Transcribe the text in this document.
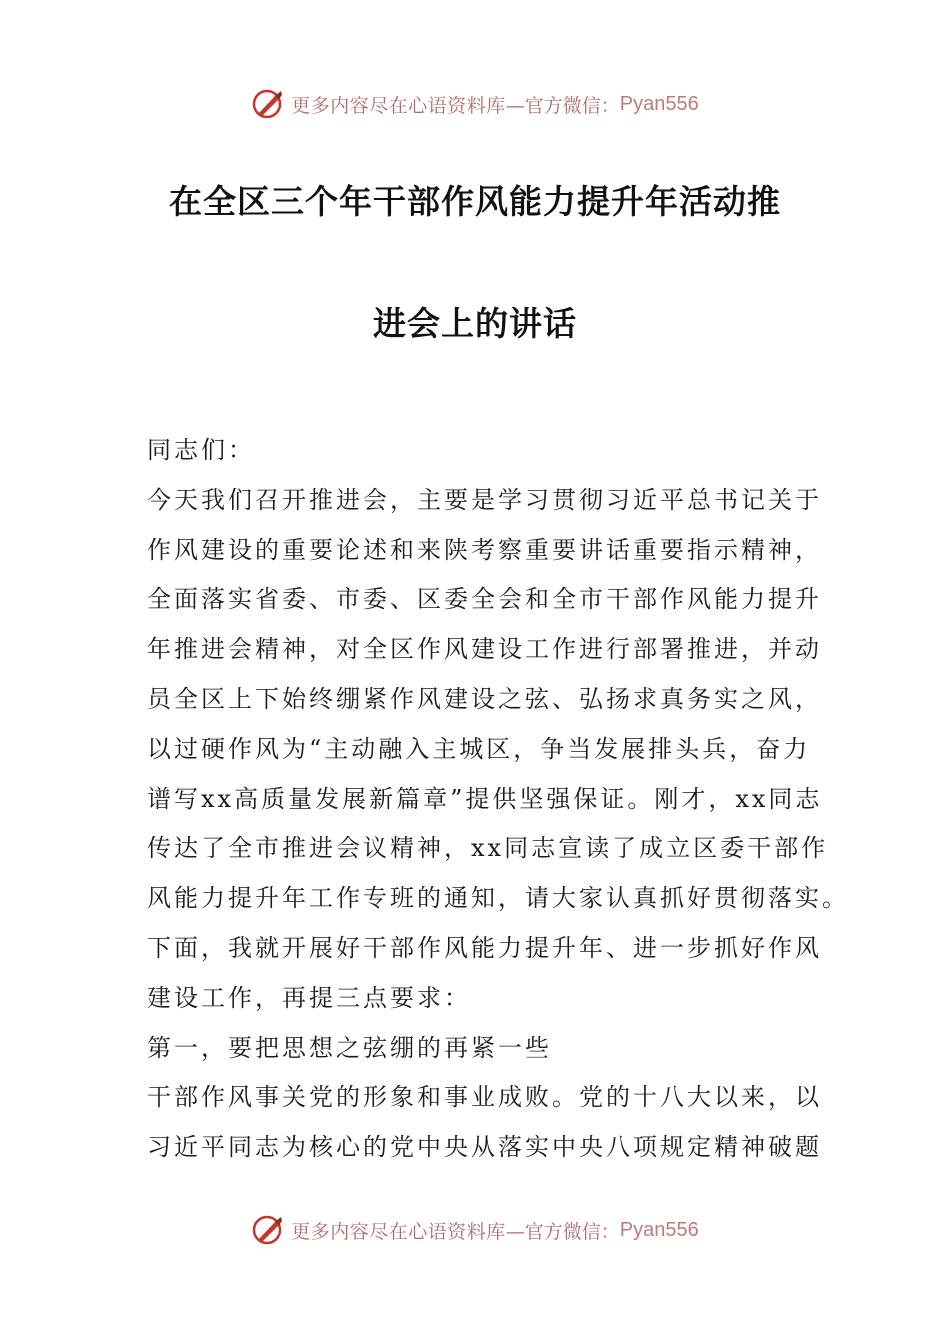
更多内容尽在心语资料库 —官方微信： Pyan556
在全区三个年干部作风能力提升年活动推
进会上的讲话
同志们：
今天我们召开推进会，主要是学习贯彻习近平总书记关于
作风建设的重要论述和来陕考察重要讲话重要指示精神，
全面落实省委、市委、区委全会和全市干部作风能力提升
年推进会精神，对全区作风建设工作进行部署推进，并动
员全区上下始终绷紧作风建设之弦、弘扬求真务实之风，
以过硬作风为“主动融入主城区，争当发展排头兵，奋力
谱写xx高质量发展新篇章”提供坚强保证。刚才，xx同志
传达了全市推进会议精神，xx同志宣读了成立区委干部作
风能力提升年工作专班的通知，请大家认真抓好贯彻落实。
下面，我就开展好干部作风能力提升年、进一步抓好作风
建设工作，再提三点要求：
第一，要把思想之弦绷的再紧一些
干部作风事关党的形象和事业成败。党的十八大以来，以
习近平同志为核心的党中央从落实中央八项规定精神破题
更多内容尽在心语资料库 —官方微信： Pyan556
